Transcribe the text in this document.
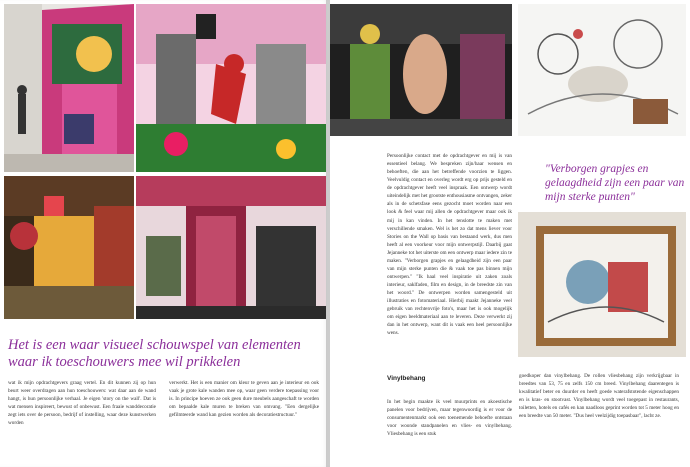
Het is een waar visueel schouwspel van elementen waar ik toeschouwers mee wil prikkelen
wat ik mijn opdrachtgevers graag vertel. En dit kunnen zij op hun beurt weer overdragen aan hun toeschouwers: wat daar aan de wand hangt, is hun persoonlijke verhaal. Je eigen 'story on the wall'. Dat is wat mensen inspireert, bewust of onbewust. Een fraaie wanddecoratie zegt iets over de persoon, bedrijf of instelling, waar deze kunstwerken worden
verwerkt. Het is een manier om kleur te geven aan je interieur en ook vaak je grote kale wanden mee op, waar geen verdere toepassing voor is. In principe hoeven ze ook geen dure meubels aangeschaft te worden om bepaalde kale muren te breken van omvang. "Een dergelijke gefilmteerde wand kan gezien worden als decoratiestructuur."
"Verborgen grapjes en gelaagdheid zijn een paar van mijn sterke punten"
Persoonlijke contact met de opdrachtgever en mij is van essentieel belang. We bespreken zijn/haar wensen en behoeften, die aan het betreffende voorzien te liggen. Veelvuldig contact en overleg wordt erg op prijs gesteld en de opdrachtgever heeft veel inspraak. Een ontwerp wordt uiteindelijk met het grootste enthousiasme ontvangen, zeker als in de schetsfase eens gezocht moet worden naar een look & feel waar mij allen de opdrachtgever maar ook ik mij in kan vinden. In het tenslotte te maken met verschillende smaken. Wel is het zo dat mens liever voor Stories on the Wall op basis van bestaand werk, dus men heeft al een voorkeur voor mijn ontwerpstijl. Daarbij gaat Jejanneke tot het uiterste om een ontwerp maar iedere zin te maken. "Verborgen grapjes en gelaagdheid zijn een paar van mijn sterke punten die & vaak toe pas binnen mijn ontwerpen." "Ik haal veel inspiratie uit zaken zoals interieur, saklfaden, film en design, in de breedste zin van het woord." De ontwerpen worden samengesteld uit illustraties en fotomateriaal. Hierbij maakt Jejanneke veel gebruik van rechtenvrije foto's, maar het is ook mogelijk om eigen beeldmateriaal aan te leveren. Deze verwerkt zij dan in het ontwerp, want dit is vaak een heel persoonlijke wens.
Vinylbehang
In het begin maakte ik veel muurprints en akoestische panelen voor bedrijven, maar tegenwoordig is er voor de consumentenmarkt ook een toenemende behoefte ontstaan voor woonde standpanelen en vlies- en vinylbehang. Vliesbehang is een stuk
goedkoper dan vinylbehang. De rollen vliesbehang zijn verkrijgbaar in breedtes van 53, 75 en zelfs 150 cm breed. Vinylbehang daarentegen is kwalitatief beter en duurder en heeft goede waterafstotende eigenschappen en is kras- en stootvast. Vinylbehang wordt veel toegepast in restaurants, toiletten, hotels en cafés en kan naadloos geprint worden tot 5 meter hoog en een breedte van 50 meter. "Dus heel veelzijdig toepasbaar", lacht ze.
